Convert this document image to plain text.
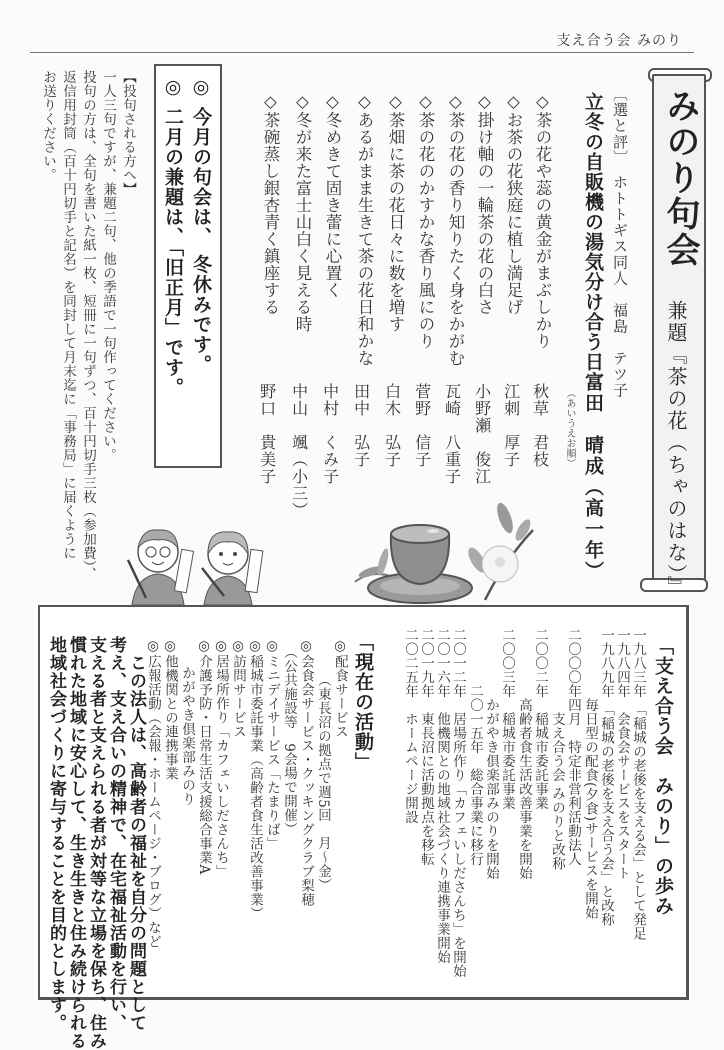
支え合う会 みのり
みのり句会
兼題『茶の花（ちゃのはな）』
〔選と評〕　ホトトギス同人　福島　テツ子
立冬の自販機の湯気分け合う日
富田　晴成（高一年）
（あいうえお順）
◇茶の花や蕊の黄金がまぶしかり
◇お茶の花狭庭に植し満足げ
◇掛け軸の一輪茶の花の白さ
◇茶の花の香り知りたく身をかがむ
◇茶の花のかすかな香り風にのり
◇茶畑に茶の花日々に数を増す
◇あるがまま生きて茶の花日和かな
◇冬めきて固き蕾に心置く
◇冬が来た富士山白く見える時
◇茶碗蒸し銀杏青く鎮座する
秋草　君枝
江刺　厚子
小野瀬　俊江
瓦崎　八重子
菅野　信子
白木　弘子
田中　弘子
中村　くみ子
中山　颯（小三）
野口　貴美子
◎ 今月の句会は、 冬休みです。
◎ 二月の兼題は、「旧正月」です。
【投句される方へ】
一人三句ですが、兼題二句、他の季語で一句作ってください。
投句の方は、全句を書いた紙一枚、短冊に一句ずつ、百十円切手三枚（参加費）、
返信用封筒（百十円切手と記名）を同封して月末迄に「事務局」に届くように
お送りください。
「支え合う会　みのり」の歩み
一九八三年 「稲城の老後を支える会」として発足
一九八四年　会食会サービスをスタート
一九八九年 「稲城の老後を支え合う会」と改称
　　　　　毎日型の配食(夕食)サービスを開始
二〇〇〇年四月　特定非営利活動法人
　　　　　　支え合う会 みのりと改称
二〇〇二年　稲城市委託事業
　　　　　高齢者食生活改善事業を開始
二〇〇三年　稲城市委託事業
　　　　　かがやき倶楽部みのりを開始
　　　　二〇一五年　総合事業に移行
二〇一二年　居場所作り「カフェいしださんち」を開始
二〇一六年　他機関との地域社会づくり連携事業開始
二〇一九年　東長沼に活動拠点を移転
二〇二五年　ホームページ開設
「現在の活動」
◎配食サービス
　　　（東長沼の拠点で週5回　月〜金）
◎会食会サービス・クッキングクラブ梨穂
　（公共施設等　9会場で開催）
◎ミニデイサービス「たまりば」
◎稲城市委託事業（高齢者食生活改善事業）
◎訪問サービス
◎居場所作り「カフェいしださんち」
◎介護予防・日常生活支援総合事業A
　　かがやき倶楽部みのり
◎他機関との連携事業
◎広報活動（会報・ホームページ・ブログ）など
　この法人は、高齢者の福祉を自分の問題として
考え、支え合いの精神で、在宅福祉活動を行い、
支える者と支えられる者が対等な立場を保ち、住み
慣れた地域に安心して、生き生きと住み続けられる
地域社会づくりに寄与することを目的とします。
